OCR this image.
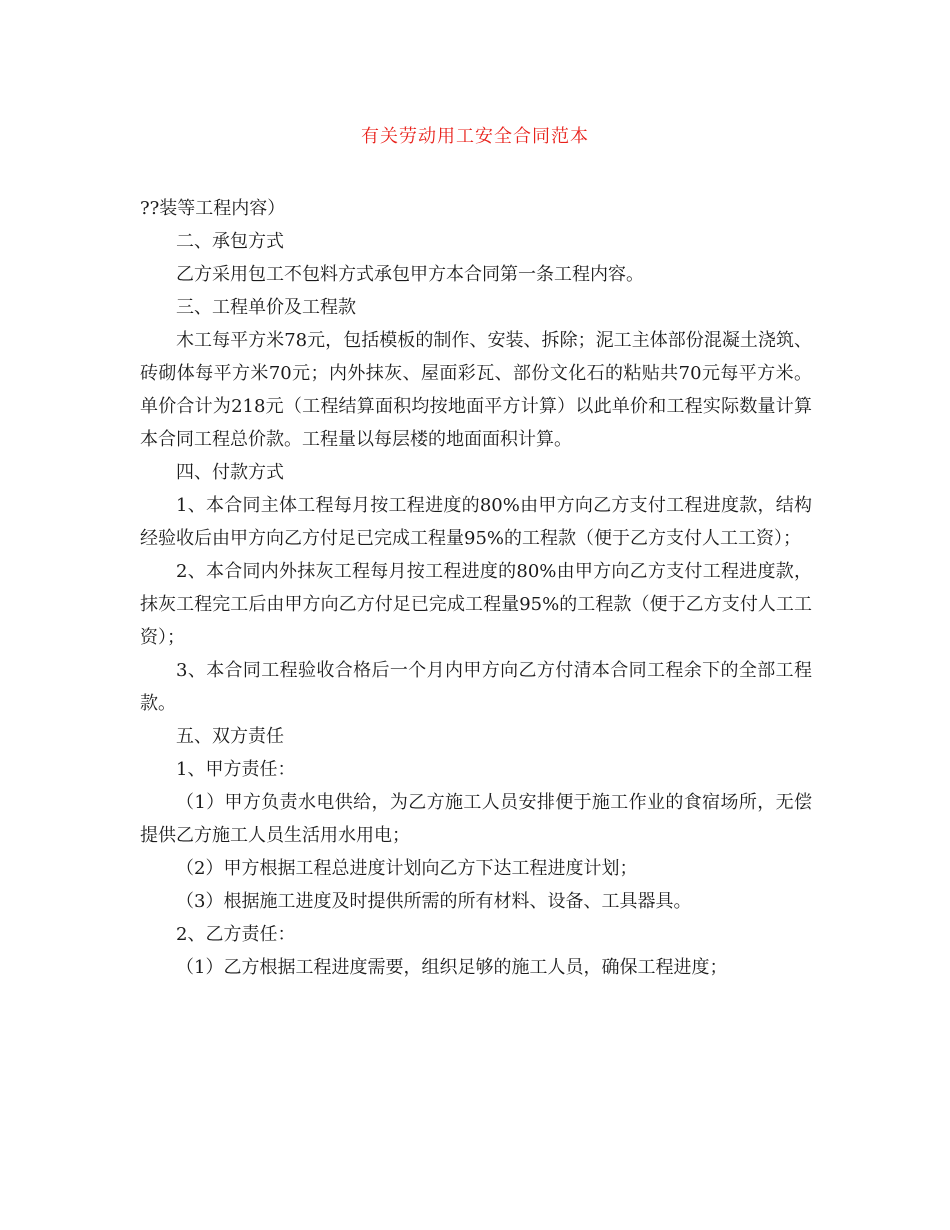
有关劳动用工安全合同范本

??装等工程内容）

二、承包方式

乙方采用包工不包料方式承包甲方本合同第一条工程内容。

三、工程单价及工程款

木工每平方米78元，包括模板的制作、安装、拆除；泥工主体部份混凝土浇筑、砖砌体每平方米70元；内外抹灰、屋面彩瓦、部份文化石的粘贴共70元每平方米。单价合计为218元（工程结算面积均按地面平方计算）以此单价和工程实际数量计算本合同工程总价款。工程量以每层楼的地面面积计算。

四、付款方式

1、本合同主体工程每月按工程进度的80%由甲方向乙方支付工程进度款，结构经验收后由甲方向乙方付足已完成工程量95%的工程款（便于乙方支付人工工资）；

2、本合同内外抹灰工程每月按工程进度的80%由甲方向乙方支付工程进度款，抹灰工程完工后由甲方向乙方付足已完成工程量95%的工程款（便于乙方支付人工工资）；

3、本合同工程验收合格后一个月内甲方向乙方付清本合同工程余下的全部工程款。

五、双方责任

1、甲方责任：

（1）甲方负责水电供给，为乙方施工人员安排便于施工作业的食宿场所，无偿提供乙方施工人员生活用水用电；

（2）甲方根据工程总进度计划向乙方下达工程进度计划；

（3）根据施工进度及时提供所需的所有材料、设备、工具器具。

2、乙方责任：

（1）乙方根据工程进度需要，组织足够的施工人员，确保工程进度；
